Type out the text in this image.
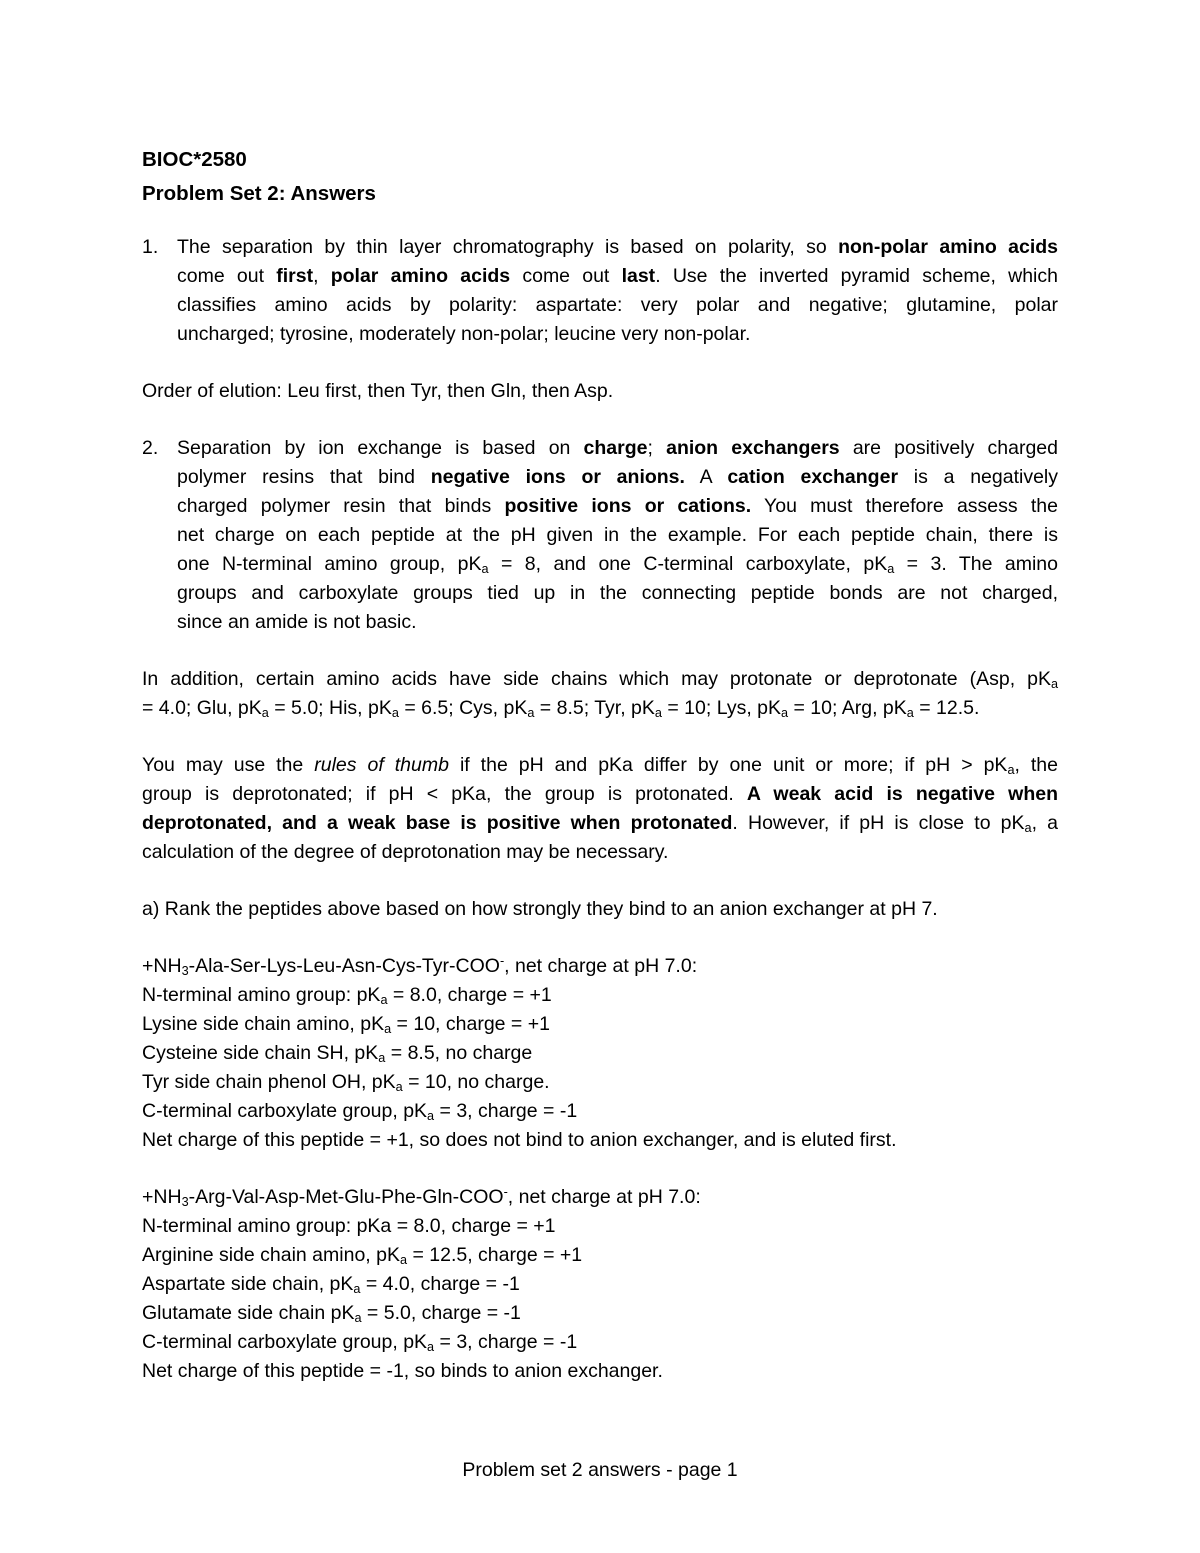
BIOC*2580

Problem Set 2: Answers

1. The separation by thin layer chromatography is based on polarity, so non-polar amino acids

come out first, polar amino acids come out last. Use the inverted pyramid scheme, which

classifies amino acids by polarity: aspartate: very polar and negative; glutamine, polar

uncharged; tyrosine, moderately non-polar; leucine very non-polar.

Order of elution: Leu first, then Tyr, then Gln, then Asp.

2. Separation by ion exchange is based on charge; anion exchangers are positively charged

polymer resins that bind negative ions or anions. A cation exchanger is a negatively

charged polymer resin that binds positive ions or cations. You must therefore assess the

net charge on each peptide at the pH given in the example. For each peptide chain, there is

one N-terminal amino group, $pK_a = 8$, and one C-terminal carboxylate, $pK_a = 3$. The amino

groups and carboxylate groups tied up in the connecting peptide bonds are not charged,

since an amide is not basic.

In addition, certain amino acids have side chains which may protonate or deprotonate (Asp, $pK_a$

= 4.0; Glu, $pK_a = 5.0$; His, $pK_a = 6.5$; Cys, $pK_a = 8.5$; Tyr, $pK_a = 10$; Lys, $pK_a = 10$; Arg, $pK_a = 12.5$.

You may use the rules of thumb if the pH and pKa differ by one unit or more; if pH > $pK_a$, the

group is deprotonated; if pH < pKa, the group is protonated. A weak acid is negative when

deprotonated, and a weak base is positive when protonated. However, if pH is close to $pK_a$, a

calculation of the degree of deprotonation may be necessary.

a) Rank the peptides above based on how strongly they bind to an anion exchanger at pH 7.

$+NH_3-Ala-Ser-Lys-Leu-Asn-Cys-Tyr-COO^-$, net charge at pH 7.0:

N-terminal amino group: $pK_a = 8.0$, charge = +1

Lysine side chain amino, $pK_a = 10$, charge = +1

Cysteine side chain SH, $pK_a = 8.5$, no charge

Tyr side chain phenol OH, $pK_a = 10$, no charge.

C-terminal carboxylate group, $pK_a = 3$, charge = -1

Net charge of this peptide = +1, so does not bind to anion exchanger, and is eluted first.

$+NH_3-Arg-Val-Asp-Met-Glu-Phe-Gln-COO^-$, net charge at pH 7.0:

N-terminal amino group: pKa = 8.0, charge = +1

Arginine side chain amino, $pK_a = 12.5$, charge = +1

Aspartate side chain, $pK_a = 4.0$, charge = -1

Glutamate side chain $pK_a = 5.0$, charge = -1

C-terminal carboxylate group, $pK_a = 3$, charge = -1

Net charge of this peptide = -1, so binds to anion exchanger.

Problem set 2 answers - page 1
